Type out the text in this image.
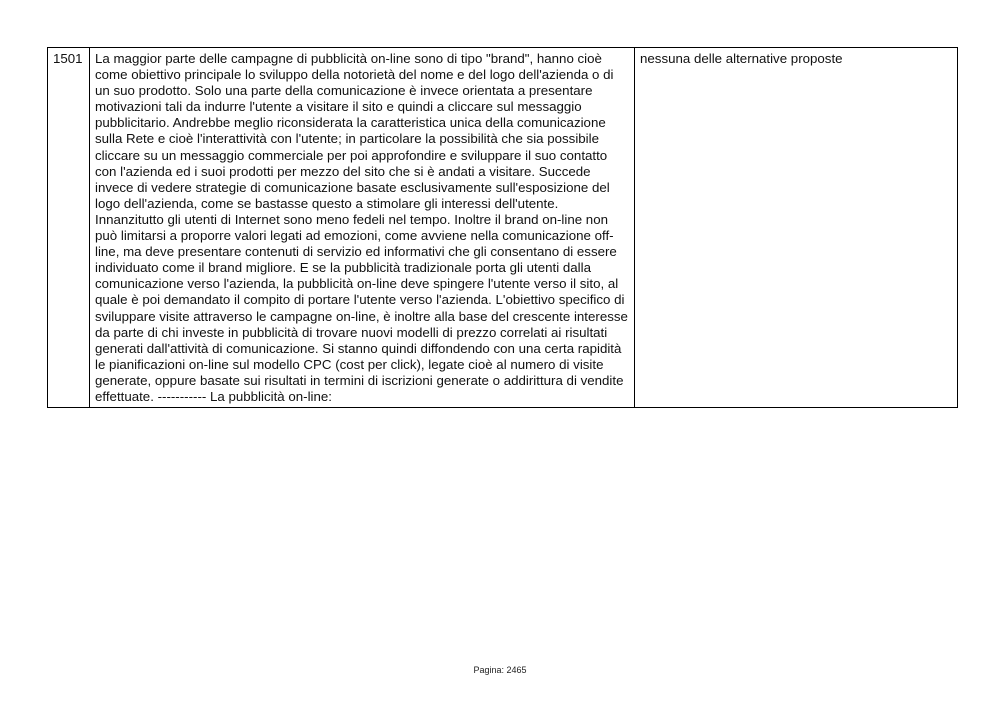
1501	La maggior parte delle campagne di pubblicità on-line sono di tipo "brand", hanno cioè come obiettivo principale lo sviluppo della notorietà del nome e del logo dell'azienda o di un suo prodotto. Solo una parte della comunicazione è invece orientata a presentare motivazioni tali da indurre l'utente a visitare il sito e quindi a cliccare sul messaggio pubblicitario. Andrebbe meglio riconsiderata la caratteristica unica della comunicazione sulla Rete e cioè l'interattività con l'utente; in particolare la possibilità che sia possibile cliccare su un messaggio commerciale per poi approfondire e sviluppare il suo contatto con l'azienda ed i suoi prodotti per mezzo del sito che si è andati a visitare. Succede invece di vedere strategie di comunicazione basate esclusivamente sull'esposizione del logo dell'azienda, come se bastasse questo a stimolare gli interessi dell'utente. Innanzitutto gli utenti di Internet sono meno fedeli nel tempo. Inoltre il brand on-line non può limitarsi a proporre valori legati ad emozioni, come avviene nella comunicazione off-line, ma deve presentare contenuti di servizio ed informativi che gli consentano di essere individuato come il brand migliore. E se la pubblicità tradizionale porta gli utenti dalla comunicazione verso l'azienda, la pubblicità on-line deve spingere l'utente verso il sito, al quale è poi demandato il compito di portare l'utente verso l'azienda. L'obiettivo specifico di sviluppare visite attraverso le campagne on-line, è inoltre alla base del crescente interesse da parte di chi investe in pubblicità di trovare nuovi modelli di prezzo correlati ai risultati generati dall'attività di comunicazione. Si stanno quindi diffondendo con una certa rapidità le pianificazioni on-line sul modello CPC (cost per click), legate cioè al numero di visite generate, oppure basate sui risultati in termini di iscrizioni generate o addirittura di vendite effettuate. ----------- La pubblicità on-line:	nessuna delle alternative proposte
Pagina: 2465
